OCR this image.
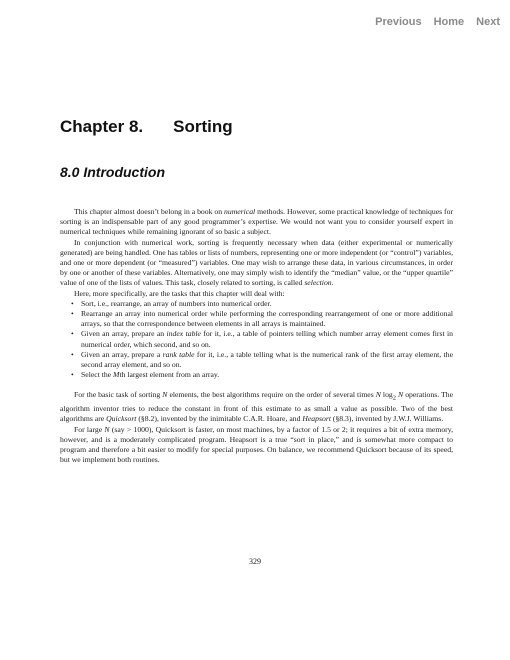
Previous Home Next
Chapter 8. Sorting
8.0 Introduction

This chapter almost doesn’t belong in a book on numerical methods. However, some practical knowledge of techniques for sorting is an indispensable part of any good programmer’s expertise. We would not want you to consider yourself expert in numerical techniques while remaining ignorant of so basic a subject.

In conjunction with numerical work, sorting is frequently necessary when data (either experimental or numerically generated) are being handled. One has tables or lists of numbers, representing one or more independent (or “control”) variables, and one or more dependent (or “measured”) variables. One may wish to arrange these data, in various circumstances, in order by one or another of these variables. Alternatively, one may simply wish to identify the “median” value, or the “upper quartile” value of one of the lists of values. This task, closely related to sorting, is called selection.

Here, more specifically, are the tasks that this chapter will deal with:

• Sort, i.e., rearrange, an array of numbers into numerical order.
• Rearrange an array into numerical order while performing the corresponding rearrangement of one or more additional arrays, so that the correspondence between elements in all arrays is maintained.
• Given an array, prepare an index table for it, i.e., a table of pointers telling which number array element comes first in numerical order, which second, and so on.
• Given an array, prepare a rank table for it, i.e., a table telling what is the numerical rank of the first array element, the second array element, and so on.
• Select the Mth largest element from an array.

For the basic task of sorting N elements, the best algorithms require on the order of several times N $\log_2 N$ operations. The algorithm inventor tries to reduce the constant in front of this estimate to as small a value as possible. Two of the best algorithms are Quicksort (§8.2), invented by the inimitable C.A.R. Hoare, and Heapsort (§8.3), invented by J.W.J. Williams.

For large N (say > 1000), Quicksort is faster, on most machines, by a factor of 1.5 or 2; it requires a bit of extra memory, however, and is a moderately complicated program. Heapsort is a true “sort in place,” and is somewhat more compact to program and therefore a bit easier to modify for special purposes. On balance, we recommend Quicksort because of its speed, but we implement both routines.

329
